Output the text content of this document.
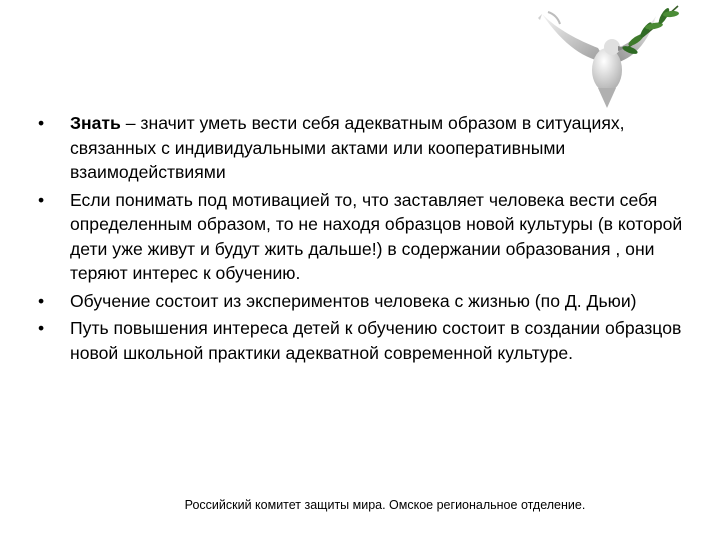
•	Знать – значит уметь вести себя адекватным образом в ситуациях, связанных с индивидуальными актами или кооперативными взаимодействиями
•	Если понимать под мотивацией то, что заставляет человека вести себя определенным образом, то не находя образцов новой культуры (в которой дети уже живут и будут жить дальше!) в содержании образования , они теряют интерес к обучению.
•	Обучение состоит из экспериментов человека с жизнью (по Д. Дьюи)
•	Путь повышения интереса детей к обучению состоит в создании образцов новой школьной практики адекватной современной культуре.
Российский комитет защиты мира. Омское региональное отделение.
